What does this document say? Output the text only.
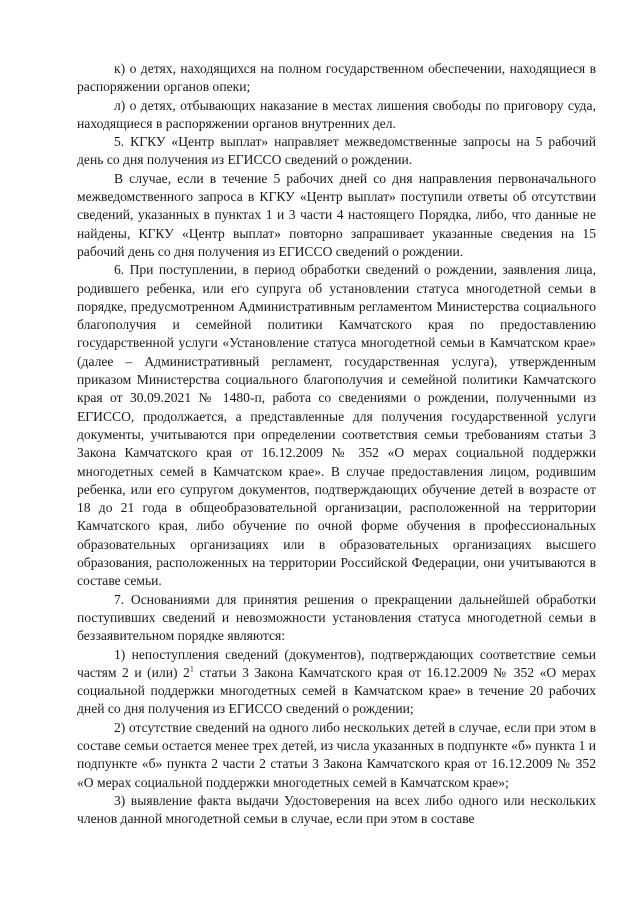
к) о детях, находящихся на полном государственном обеспечении, находящиеся в распоряжении органов опеки;

л) о детях, отбывающих наказание в местах лишения свободы по приговору суда, находящиеся в распоряжении органов внутренних дел.

5. КГКУ «Центр выплат» направляет межведомственные запросы на 5 рабочий день со дня получения из ЕГИССО сведений о рождении.

В случае, если в течение 5 рабочих дней со дня направления первоначального межведомственного запроса в КГКУ «Центр выплат» поступили ответы об отсутствии сведений, указанных в пунктах 1 и 3 части 4 настоящего Порядка, либо, что данные не найдены, КГКУ «Центр выплат» повторно запрашивает указанные сведения на 15 рабочий день со дня получения из ЕГИССО сведений о рождении.

6. При поступлении, в период обработки сведений о рождении, заявления лица, родившего ребенка, или его супруга об установлении статуса многодетной семьи в порядке, предусмотренном Административным регламентом Министерства социального благополучия и семейной политики Камчатского края по предоставлению государственной услуги «Установление статуса многодетной семьи в Камчатском крае» (далее – Административный регламент, государственная услуга), утвержденным приказом Министерства социального благополучия и семейной политики Камчатского края от 30.09.2021 № 1480-п, работа со сведениями о рождении, полученными из ЕГИССО, продолжается, а представленные для получения государственной услуги документы, учитываются при определении соответствия семьи требованиям статьи 3 Закона Камчатского края от 16.12.2009 № 352 «О мерах социальной поддержки многодетных семей в Камчатском крае». В случае предоставления лицом, родившим ребенка, или его супругом документов, подтверждающих обучение детей в возрасте от 18 до 21 года в общеобразовательной организации, расположенной на территории Камчатского края, либо обучение по очной форме обучения в профессиональных образовательных организациях или в образовательных организациях высшего образования, расположенных на территории Российской Федерации, они учитываются в составе семьи.

7. Основаниями для принятия решения о прекращении дальнейшей обработки поступивших сведений и невозможности установления статуса многодетной семьи в беззаявительном порядке являются:

1) непоступления сведений (документов), подтверждающих соответствие семьи частям 2 и (или) $2^1$ статьи 3 Закона Камчатского края от 16.12.2009 № 352 «О мерах социальной поддержки многодетных семей в Камчатском крае» в течение 20 рабочих дней со дня получения из ЕГИССО сведений о рождении;

2) отсутствие сведений на одного либо нескольких детей в случае, если при этом в составе семьи остается менее трех детей, из числа указанных в подпункте «б» пункта 1 и подпункте «б» пункта 2 части 2 статьи 3 Закона Камчатского края от 16.12.2009 № 352 «О мерах социальной поддержки многодетных семей в Камчатском крае»;

3) выявление факта выдачи Удостоверения на всех либо одного или нескольких членов данной многодетной семьи в случае, если при этом в составе
